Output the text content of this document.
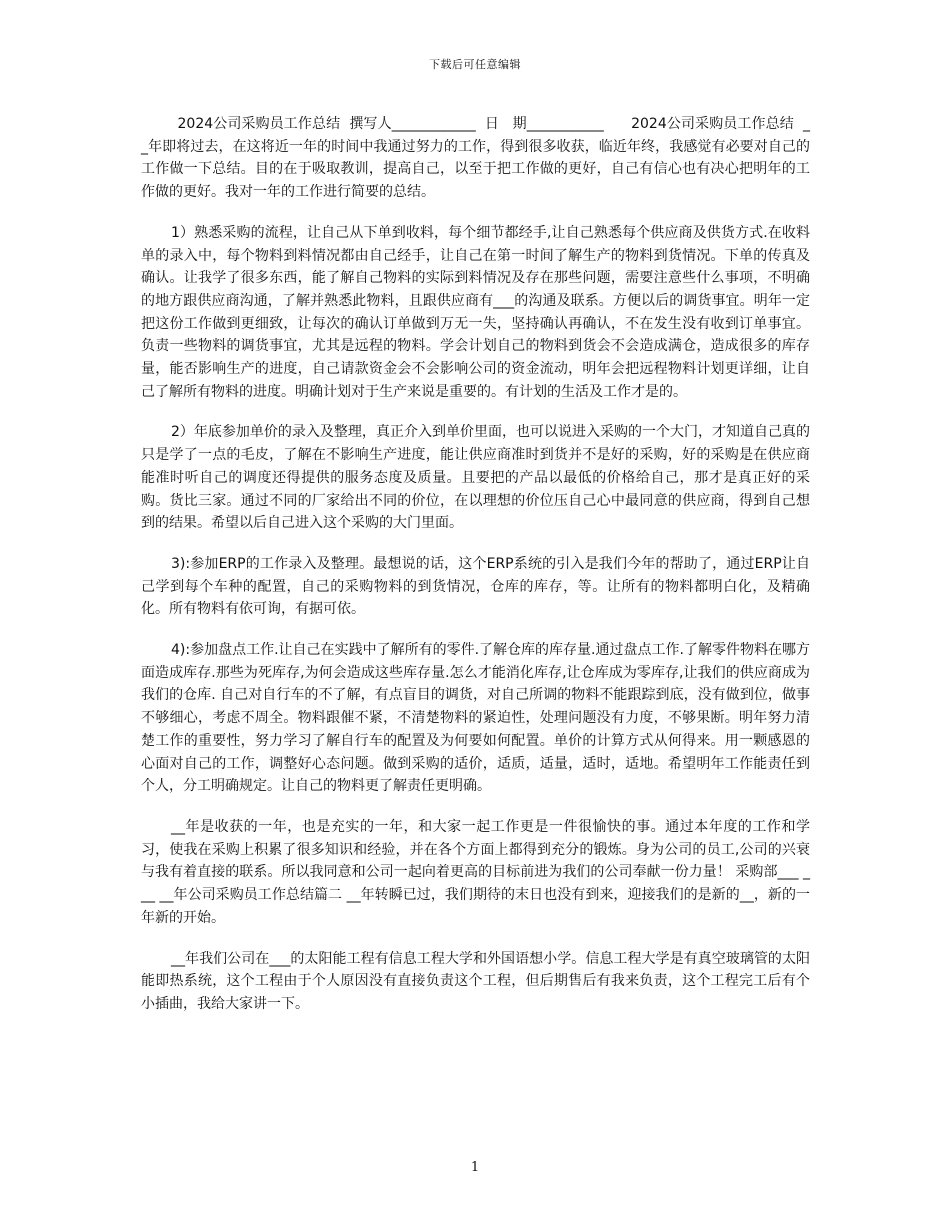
下载后可任意编辑

2024公司采购员工作总结  撰写人____________  日   期___________      2024公司采购员工作总结  __年即将过去，在这将近一年的时间中我通过努力的工作，得到很多收获，临近年终，我感觉有必要对自己的工作做一下总结。目的在于吸取教训，提高自己，以至于把工作做的更好，自己有信心也有决心把明年的工作做的更好。我对一年的工作进行简要的总结。

1）熟悉采购的流程，让自己从下单到收料，每个细节都经手,让自己熟悉每个供应商及供货方式.在收料单的录入中，每个物料到料情况都由自己经手，让自己在第一时间了解生产的物料到货情况。下单的传真及确认。让我学了很多东西，能了解自己物料的实际到料情况及存在那些问题，需要注意些什么事项，不明确的地方跟供应商沟通，了解并熟悉此物料，且跟供应商有___的沟通及联系。方便以后的调货事宜。明年一定把这份工作做到更细致，让每次的确认订单做到万无一失，坚持确认再确认，不在发生没有收到订单事宜。负责一些物料的调货事宜，尤其是远程的物料。学会计划自己的物料到货会不会造成满仓，造成很多的库存量，能否影响生产的进度，自己请款资金会不会影响公司的资金流动，明年会把远程物料计划更详细，让自己了解所有物料的进度。明确计划对于生产来说是重要的。有计划的生活及工作才是的。

2）年底参加单价的录入及整理，真正介入到单价里面，也可以说进入采购的一个大门，才知道自己真的只是学了一点的毛皮，了解在不影响生产进度，能让供应商准时到货并不是好的采购，好的采购是在供应商能准时听自己的调度还得提供的服务态度及质量。且要把的产品以最低的价格给自己，那才是真正好的采购。货比三家。通过不同的厂家给出不同的价位，在以理想的价位压自己心中最同意的供应商，得到自己想到的结果。希望以后自己进入这个采购的大门里面。

3):参加ERP的工作录入及整理。最想说的话，这个ERP系统的引入是我们今年的帮助了，通过ERP让自己学到每个车种的配置，自己的采购物料的到货情况，仓库的库存，等。让所有的物料都明白化，及精确化。所有物料有依可询，有据可依。

4):参加盘点工作.让自己在实践中了解所有的零件.了解仓库的库存量.通过盘点工作.了解零件物料在哪方面造成库存.那些为死库存,为何会造成这些库存量.怎么才能消化库存,让仓库成为零库存,让我们的供应商成为我们的仓库. 自己对自行车的不了解，有点盲目的调货，对自己所调的物料不能跟踪到底，没有做到位，做事不够细心，考虑不周全。物料跟催不紧，不清楚物料的紧迫性，处理问题没有力度，不够果断。明年努力清楚工作的重要性，努力学习了解自行车的配置及为何要如何配置。单价的计算方式从何得来。用一颗感恩的心面对自己的工作，调整好心态问题。做到采购的适价，适质，适量，适时，适地。希望明年工作能责任到个人，分工明确规定。让自己的物料更了解责任更明确。

__年是收获的一年，也是充实的一年，和大家一起工作更是一件很愉快的事。通过本年度的工作和学习，使我在采购上积累了很多知识和经验，并在各个方面上都得到充分的锻炼。身为公司的员工,公司的兴衰与我有着直接的联系。所以我同意和公司一起向着更高的目标前进为我们的公司奉献一份力量！ 采购部___ ___ __年公司采购员工作总结篇二 __年转瞬已过，我们期待的末日也没有到来，迎接我们的是新的__，新的一年新的开始。

__年我们公司在___的太阳能工程有信息工程大学和外国语想小学。信息工程大学是有真空玻璃管的太阳能即热系统，这个工程由于个人原因没有直接负责这个工程，但后期售后有我来负责，这个工程完工后有个小插曲，我给大家讲一下。

1
